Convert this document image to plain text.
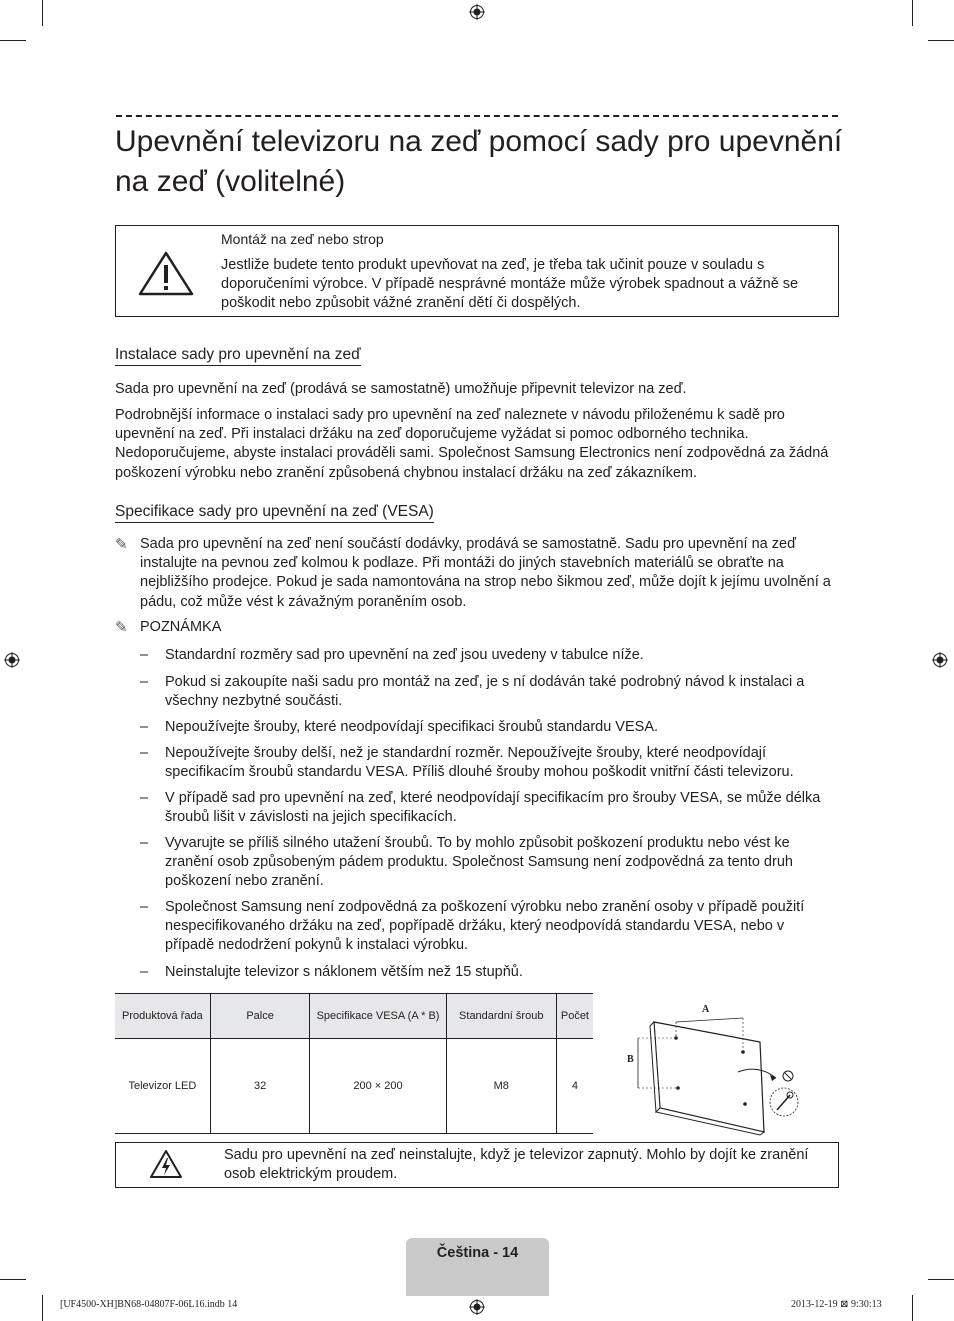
Upevnění televizoru na zeď pomocí sady pro upevnění na zeď (volitelné)
Montáž na zeď nebo strop
Jestliže budete tento produkt upevňovat na zeď, je třeba tak učinit pouze v souladu s doporučeními výrobce. V případě nesprávné montáže může výrobek spadnout a vážně se poškodit nebo způsobit vážné zranění dětí či dospělých.
Instalace sady pro upevnění na zeď
Sada pro upevnění na zeď (prodává se samostatně) umožňuje připevnit televizor na zeď.
Podrobnější informace o instalaci sady pro upevnění na zeď naleznete v návodu přiloženému k sadě pro upevnění na zeď. Při instalaci držáku na zeď doporučujeme vyžádat si pomoc odborného technika. Nedoporučujeme, abyste instalaci prováděli sami. Společnost Samsung Electronics není zodpovědná za žádná poškození výrobku nebo zranění způsobená chybnou instalací držáku na zeď zákazníkem.
Specifikace sady pro upevnění na zeď (VESA)
✎ Sada pro upevnění na zeď není součástí dodávky, prodává se samostatně. Sadu pro upevnění na zeď instalujte na pevnou zeď kolmou k podlaze. Při montáži do jiných stavebních materiálů se obraťte na nejbližšího prodejce. Pokud je sada namontována na strop nebo šikmou zeď, může dojít k jejímu uvolnění a pádu, což může vést k závažným poraněním osob.
✎ POZNÁMKA
–	Standardní rozměry sad pro upevnění na zeď jsou uvedeny v tabulce níže.
–	Pokud si zakoupíte naši sadu pro montáž na zeď, je s ní dodáván také podrobný návod k instalaci a všechny nezbytné součásti.
–	Nepoužívejte šrouby, které neodpovídají specifikaci šroubů standardu VESA.
–	Nepoužívejte šrouby delší, než je standardní rozměr. Nepoužívejte šrouby, které neodpovídají specifikacím šroubů standardu VESA. Příliš dlouhé šrouby mohou poškodit vnitřní části televizoru.
–	V případě sad pro upevnění na zeď, které neodpovídají specifikacím pro šrouby VESA, se může délka šroubů lišit v závislosti na jejich specifikacích.
–	Vyvarujte se příliš silného utažení šroubů. To by mohlo způsobit poškození produktu nebo vést ke zranění osob způsobeným pádem produktu. Společnost Samsung není zodpovědná za tento druh poškození nebo zranění.
–	Společnost Samsung není zodpovědná za poškození výrobku nebo zranění osoby v případě použití nespecifikovaného držáku na zeď, popřípadě držáku, který neodpovídá standardu VESA, nebo v případě nedodržení pokynů k instalaci výrobku.
–	Neinstalujte televizor s náklonem větším než 15 stupňů.
Produktová řada	Palce	Specifikace VESA (A * B)	Standardní šroub	Počet
Televizor LED	32	200 × 200	M8	4
A
B
Sadu pro upevnění na zeď neinstalujte, když je televizor zapnutý. Mohlo by dojít ke zranění osob elektrickým proudem.
Čeština - 14
[UF4500-XH]BN68-04807F-06L16.indb 14	2013-12-19 ⊠ 9:30:13
